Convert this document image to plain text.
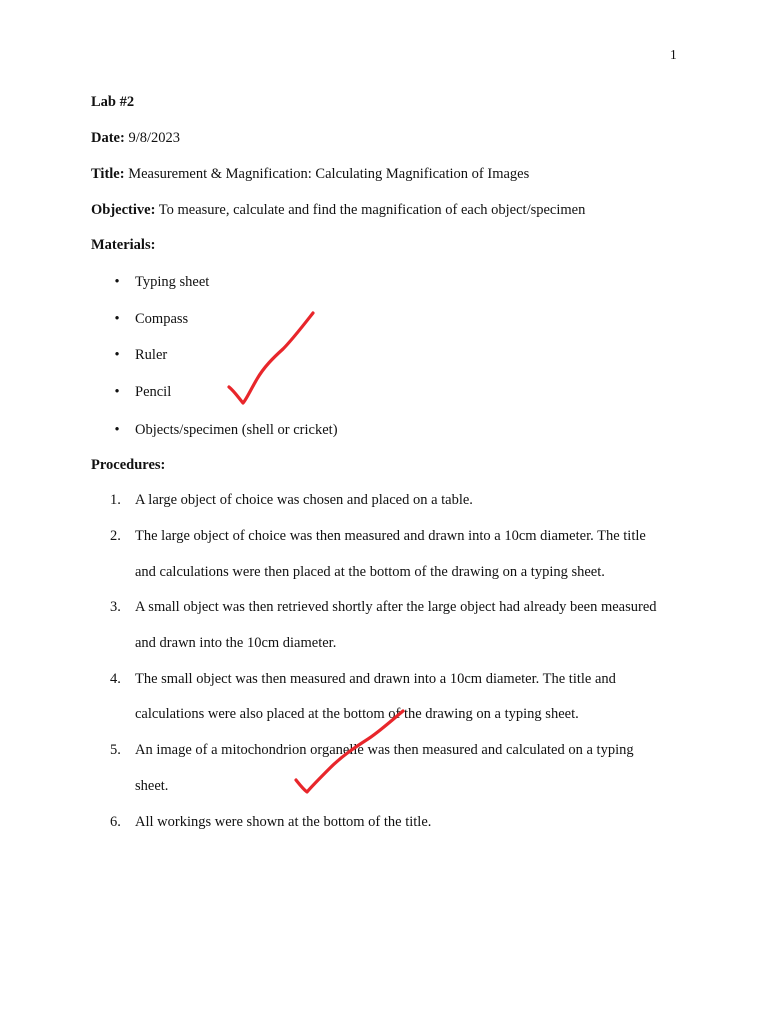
1
Lab #2
Date: 9/8/2023
Title: Measurement & Magnification: Calculating Magnification of Images
Objective: To measure, calculate and find the magnification of each object/specimen
Materials:
• Typing sheet
• Compass
• Ruler
• Pencil
• Objects/specimen (shell or cricket)
Procedures:
1. A large object of choice was chosen and placed on a table.
2. The large object of choice was then measured and drawn into a 10cm diameter. The title
and calculations were then placed at the bottom of the drawing on a typing sheet.
3. A small object was then retrieved shortly after the large object had already been measured
and drawn into the 10cm diameter.
4. The small object was then measured and drawn into a 10cm diameter. The title and
calculations were also placed at the bottom of the drawing on a typing sheet.
5. An image of a mitochondrion organelle was then measured and calculated on a typing
sheet.
6. All workings were shown at the bottom of the title.
